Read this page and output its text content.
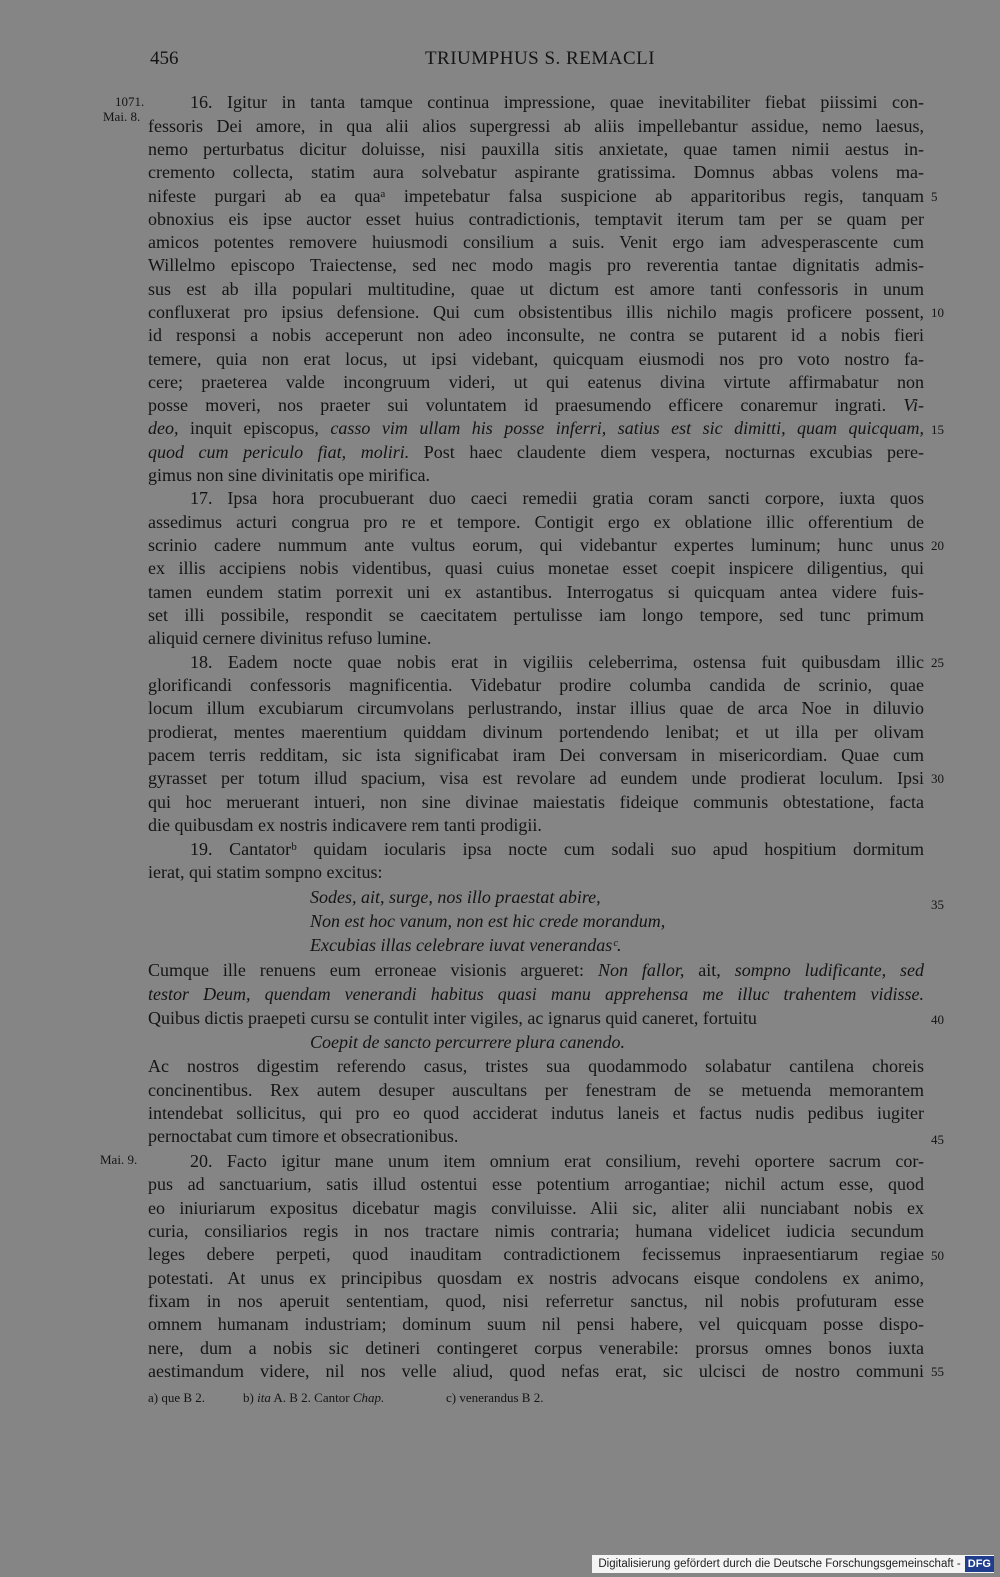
456	TRIUMPHUS S. REMACLI
1071.
Mai. 8.
Mai. 9.
5
10
15
20
25
30
35
40
45
50
55
16. Igitur in tanta tamque continua impressione, quae inevitabiliter fiebat piissimi con-
fessoris Dei amore, in qua alii alios supergressi ab aliis impellebantur assidue, nemo laesus,
nemo perturbatus dicitur doluisse, nisi pauxilla sitis anxietate, quae tamen nimii aestus in-
cremento collecta, statim aura solvebatur aspirante gratissima. Domnus abbas volens ma-
nifeste purgari ab ea quaᵃ impetebatur falsa suspicione ab apparitoribus regis, tanquam
obnoxius eis ipse auctor esset huius contradictionis, temptavit iterum tam per se quam per
amicos potentes removere huiusmodi consilium a suis. Venit ergo iam advesperascente cum
Willelmo episcopo Traiectense, sed nec modo magis pro reverentia tantae dignitatis admis-
sus est ab illa populari multitudine, quae ut dictum est amore tanti confessoris in unum
confluxerat pro ipsius defensione. Qui cum obsistentibus illis nichilo magis proficere possent,
id responsi a nobis acceperunt non adeo inconsulte, ne contra se putarent id a nobis fieri
temere, quia non erat locus, ut ipsi videbant, quicquam eiusmodi nos pro voto nostro fa-
cere; praeterea valde incongruum videri, ut qui eatenus divina virtute affirmabatur non
posse moveri, nos praeter sui voluntatem id praesumendo efficere conaremur ingrati. Vi-
deo, inquit episcopus, casso vim ullam his posse inferri, satius est sic dimitti, quam quicquam,
quod cum periculo fiat, moliri. Post haec claudente diem vespera, nocturnas excubias pere-
gimus non sine divinitatis ope mirifica.
17. Ipsa hora procubuerant duo caeci remedii gratia coram sancti corpore, iuxta quos
assedimus acturi congrua pro re et tempore. Contigit ergo ex oblatione illic offerentium de
scrinio cadere nummum ante vultus eorum, qui videbantur expertes luminum; hunc unus
ex illis accipiens nobis videntibus, quasi cuius monetae esset coepit inspicere diligentius, qui
tamen eundem statim porrexit uni ex astantibus. Interrogatus si quicquam antea videre fuis-
set illi possibile, respondit se caecitatem pertulisse iam longo tempore, sed tunc primum
aliquid cernere divinitus refuso lumine.
18. Eadem nocte quae nobis erat in vigiliis celeberrima, ostensa fuit quibusdam illic
glorificandi confessoris magnificentia. Videbatur prodire columba candida de scrinio, quae
locum illum excubiarum circumvolans perlustrando, instar illius quae de arca Noe in diluvio
prodierat, mentes maerentium quiddam divinum portendendo lenibat; et ut illa per olivam
pacem terris redditam, sic ista significabat iram Dei conversam in misericordiam. Quae cum
gyrasset per totum illud spacium, visa est revolare ad eundem unde prodierat loculum. Ipsi
qui hoc meruerant intueri, non sine divinae maiestatis fideique communis obtestatione, facta
die quibusdam ex nostris indicavere rem tanti prodigii.
19. Cantatorᵇ quidam iocularis ipsa nocte cum sodali suo apud hospitium dormitum
ierat, qui statim sompno excitus:
Sodes, ait, surge, nos illo praestat abire,
Non est hoc vanum, non est hic crede morandum,
Excubias illas celebrare iuvat venerandasᶜ.
Cumque ille renuens eum erroneae visionis argueret: Non fallor, ait, sompno ludificante, sed
testor Deum, quendam venerandi habitus quasi manu apprehensa me illuc trahentem vidisse.
Quibus dictis praepeti cursu se contulit inter vigiles, ac ignarus quid caneret, fortuitu
Coepit de sancto percurrere plura canendo.
Ac nostros digestim referendo casus, tristes sua quodammodo solabatur cantilena choreis
concinentibus. Rex autem desuper auscultans per fenestram de se metuenda memorantem
intendebat sollicitus, qui pro eo quod acciderat indutus laneis et factus nudis pedibus iugiter
pernoctabat cum timore et obsecrationibus.
20. Facto igitur mane unum item omnium erat consilium, revehi oportere sacrum cor-
pus ad sanctuarium, satis illud ostentui esse potentium arrogantiae; nichil actum esse, quod
eo iniuriarum expositus dicebatur magis conviluisse. Alii sic, aliter alii nunciabant nobis ex
curia, consiliarios regis in nos tractare nimis contraria; humana videlicet iudicia secundum
leges debere perpeti, quod inauditam contradictionem fecissemus inpraesentiarum regiae
potestati. At unus ex principibus quosdam ex nostris advocans eisque condolens ex animo,
fixam in nos aperuit sententiam, quod, nisi referretur sanctus, nil nobis profuturam esse
omnem humanam industriam; dominum suum nil pensi habere, vel quicquam posse dispo-
nere, dum a nobis sic detineri contingeret corpus venerabile: prorsus omnes bonos iuxta
aestimandum videre, nil nos velle aliud, quod nefas erat, sic ulcisci de nostro communi
a) que B 2.	b) ita A. B 2. Cantor Chap.	c) venerandus B 2.
Digitalisierung gefördert durch die Deutsche Forschungsgemeinschaft - DFG
